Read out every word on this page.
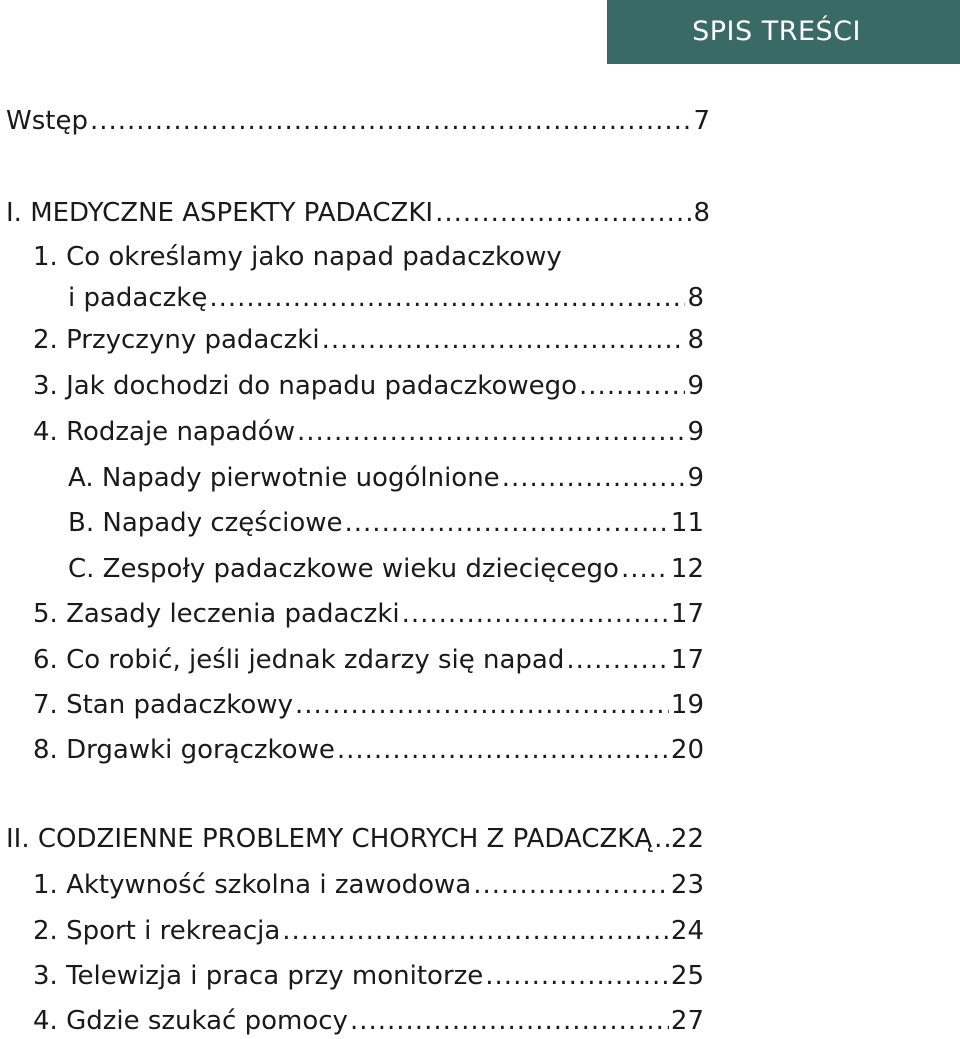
SPIS TREŚCI
Wstęp .....	7
I. MEDYCZNE ASPEKTY PADACZKI .....	8
1. Co określamy jako napad padaczkowy
i padaczkę .....	8
2. Przyczyny padaczki .....	8
3. Jak dochodzi do napadu padaczkowego .....	9
4. Rodzaje napadów .....	9
A. Napady pierwotnie uogólnione .....	9
B. Napady częściowe .....	11
C. Zespoły padaczkowe wieku dziecięcego ..... 12
5. Zasady leczenia padaczki .....	17
6. Co robić, jeśli jednak zdarzy się napad .....	17
7. Stan padaczkowy .....	19
8. Drgawki gorączkowe .....	20
II. CODZIENNE PROBLEMY CHORYCH Z PADACZKĄ ..... 22
1. Aktywność szkolna i zawodowa .....	23
2. Sport i rekreacja .....	24
3. Telewizja i praca przy monitorze .....	25
4. Gdzie szukać pomocy .....	27
